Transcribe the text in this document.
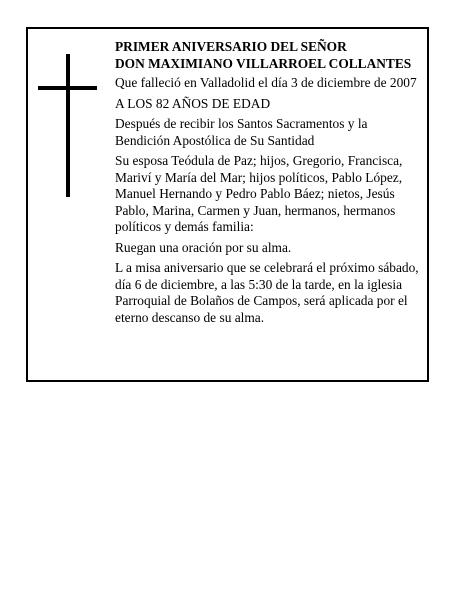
PRIMER ANIVERSARIO DEL SEÑOR

DON MAXIMIANO VILLARROEL COLLANTES

Que falleció en Valladolid el día 3 de diciembre de 2007

A LOS 82 AÑOS DE EDAD

Después de recibir los Santos Sacramentos y la Bendición Apostólica de Su Santidad

Su esposa Teódula de Paz; hijos, Gregorio, Francisca, Mariví y María del Mar; hijos políticos, Pablo López, Manuel Hernando y Pedro Pablo Báez; nietos, Jesús Pablo, Marina, Carmen y Juan, hermanos, hermanos políticos y demás familia:

Ruegan una oración por su alma.

L a misa aniversario que se celebrará el próximo sábado, día 6 de diciembre, a las 5:30 de la tarde, en la iglesia Parroquial de Bolaños de Campos, será aplicada por el eterno descanso de su alma.
